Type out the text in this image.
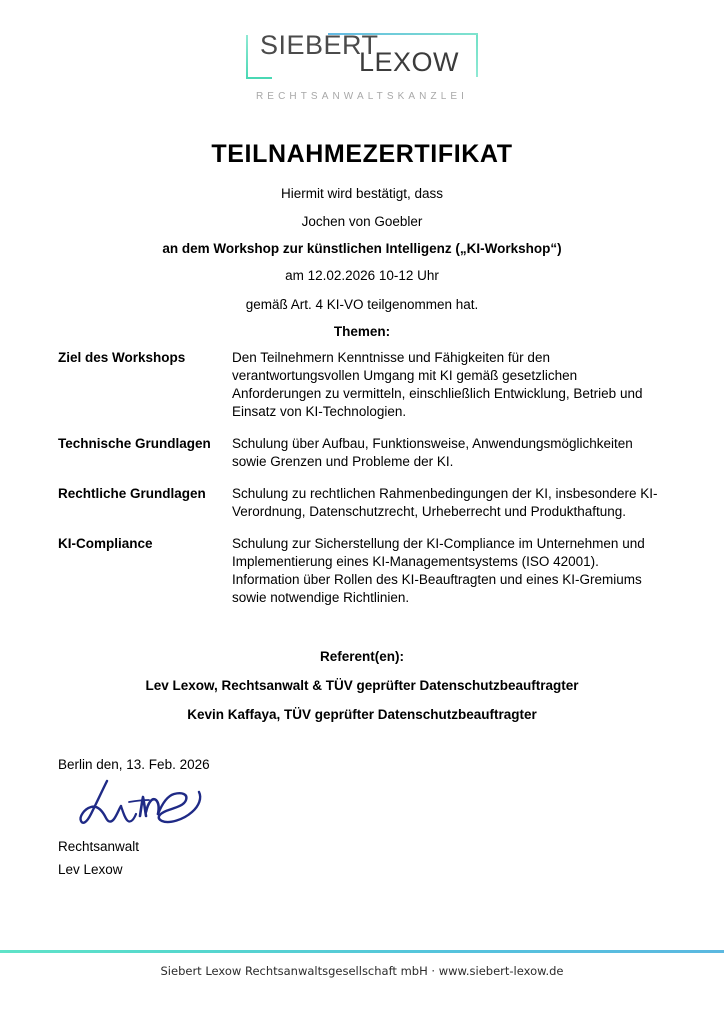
SIEBERT
LEXOW
RECHTSANWALTSKANZLEI
TEILNAHMEZERTIFIKAT
Hiermit wird bestätigt, dass
Jochen von Goebler
an dem Workshop zur künstlichen Intelligenz („KI-Workshop“)
am 12.02.2026 10-12 Uhr
gemäß Art. 4 KI-VO teilgenommen hat.
Themen:
Ziel des Workshops	Den Teilnehmern Kenntnisse und Fähigkeiten für den verantwortungsvollen Umgang mit KI gemäß gesetzlichen Anforderungen zu vermitteln, einschließlich Entwicklung, Betrieb und Einsatz von KI-Technologien.
Technische Grundlagen	Schulung über Aufbau, Funktionsweise, Anwendungsmöglichkeiten sowie Grenzen und Probleme der KI.
Rechtliche Grundlagen	Schulung zu rechtlichen Rahmenbedingungen der KI, insbesondere KI-Verordnung, Datenschutzrecht, Urheberrecht und Produkthaftung.
KI-Compliance	Schulung zur Sicherstellung der KI-Compliance im Unternehmen und Implementierung eines KI-Managementsystems (ISO 42001). Information über Rollen des KI-Beauftragten und eines KI-Gremiums sowie notwendige Richtlinien.
Referent(en):
Lev Lexow, Rechtsanwalt & TÜV geprüfter Datenschutzbeauftragter
Kevin Kaffaya, TÜV geprüfter Datenschutzbeauftragter
Berlin den, 13. Feb. 2026
Rechtsanwalt
Lev Lexow
Siebert Lexow Rechtsanwaltsgesellschaft mbH · www.siebert-lexow.de
